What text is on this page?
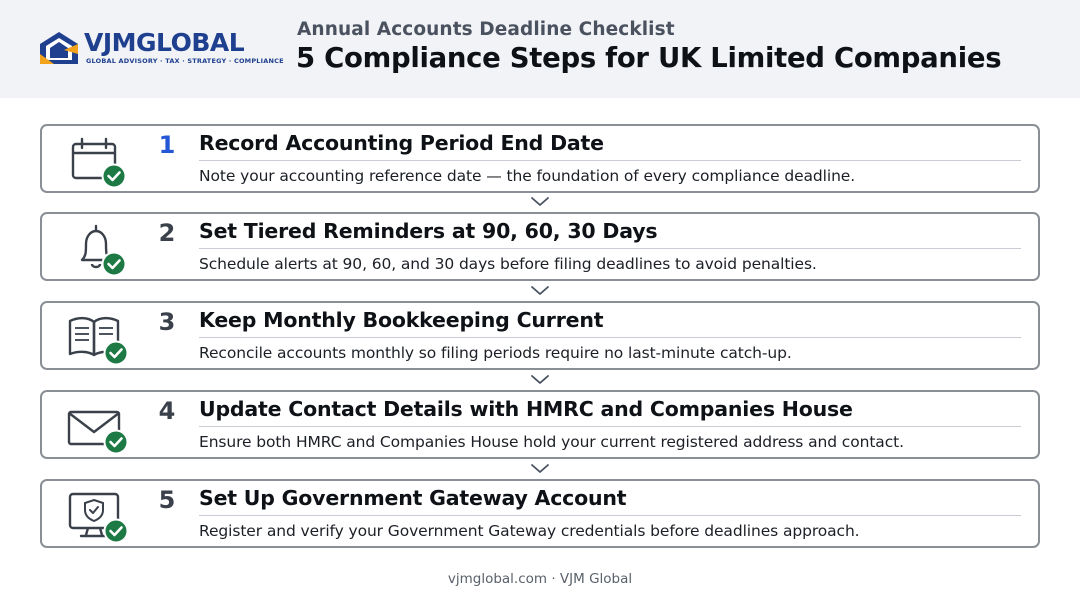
VJMGLOBAL
GLOBAL ADVISORY · TAX · STRATEGY · COMPLIANCE
Annual Accounts Deadline Checklist
5 Compliance Steps for UK Limited Companies
1 Record Accounting Period End Date
Note your accounting reference date — the foundation of every compliance deadline.
2 Set Tiered Reminders at 90, 60, 30 Days
Schedule alerts at 90, 60, and 30 days before filing deadlines to avoid penalties.
3 Keep Monthly Bookkeeping Current
Reconcile accounts monthly so filing periods require no last-minute catch-up.
4 Update Contact Details with HMRC and Companies House
Ensure both HMRC and Companies House hold your current registered address and contact.
5 Set Up Government Gateway Account
Register and verify your Government Gateway credentials before deadlines approach.
vjmglobal.com · VJM Global
